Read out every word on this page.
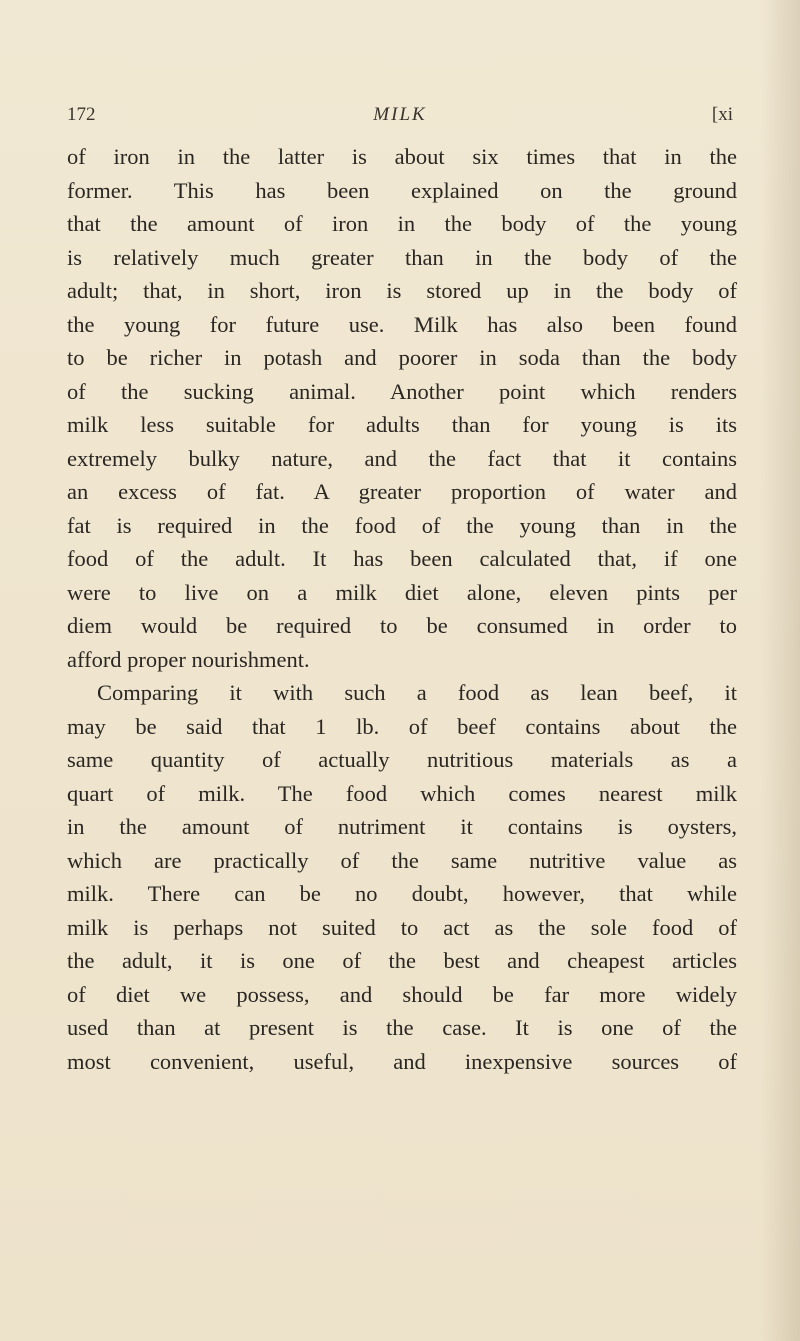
172	MILK	[xi
of iron in the latter is about six times that in the
former. This has been explained on the ground
that the amount of iron in the body of the young
is relatively much greater than in the body of the
adult; that, in short, iron is stored up in the body of
the young for future use. Milk has also been found
to be richer in potash and poorer in soda than the body
of the sucking animal. Another point which renders
milk less suitable for adults than for young is its
extremely bulky nature, and the fact that it contains
an excess of fat. A greater proportion of water and
fat is required in the food of the young than in the
food of the adult. It has been calculated that, if one
were to live on a milk diet alone, eleven pints per
diem would be required to be consumed in order to
afford proper nourishment.
Comparing it with such a food as lean beef, it
may be said that 1 lb. of beef contains about the
same quantity of actually nutritious materials as a
quart of milk. The food which comes nearest milk
in the amount of nutriment it contains is oysters,
which are practically of the same nutritive value as
milk. There can be no doubt, however, that while
milk is perhaps not suited to act as the sole food of
the adult, it is one of the best and cheapest articles
of diet we possess, and should be far more widely
used than at present is the case. It is one of the
most convenient, useful, and inexpensive sources of
